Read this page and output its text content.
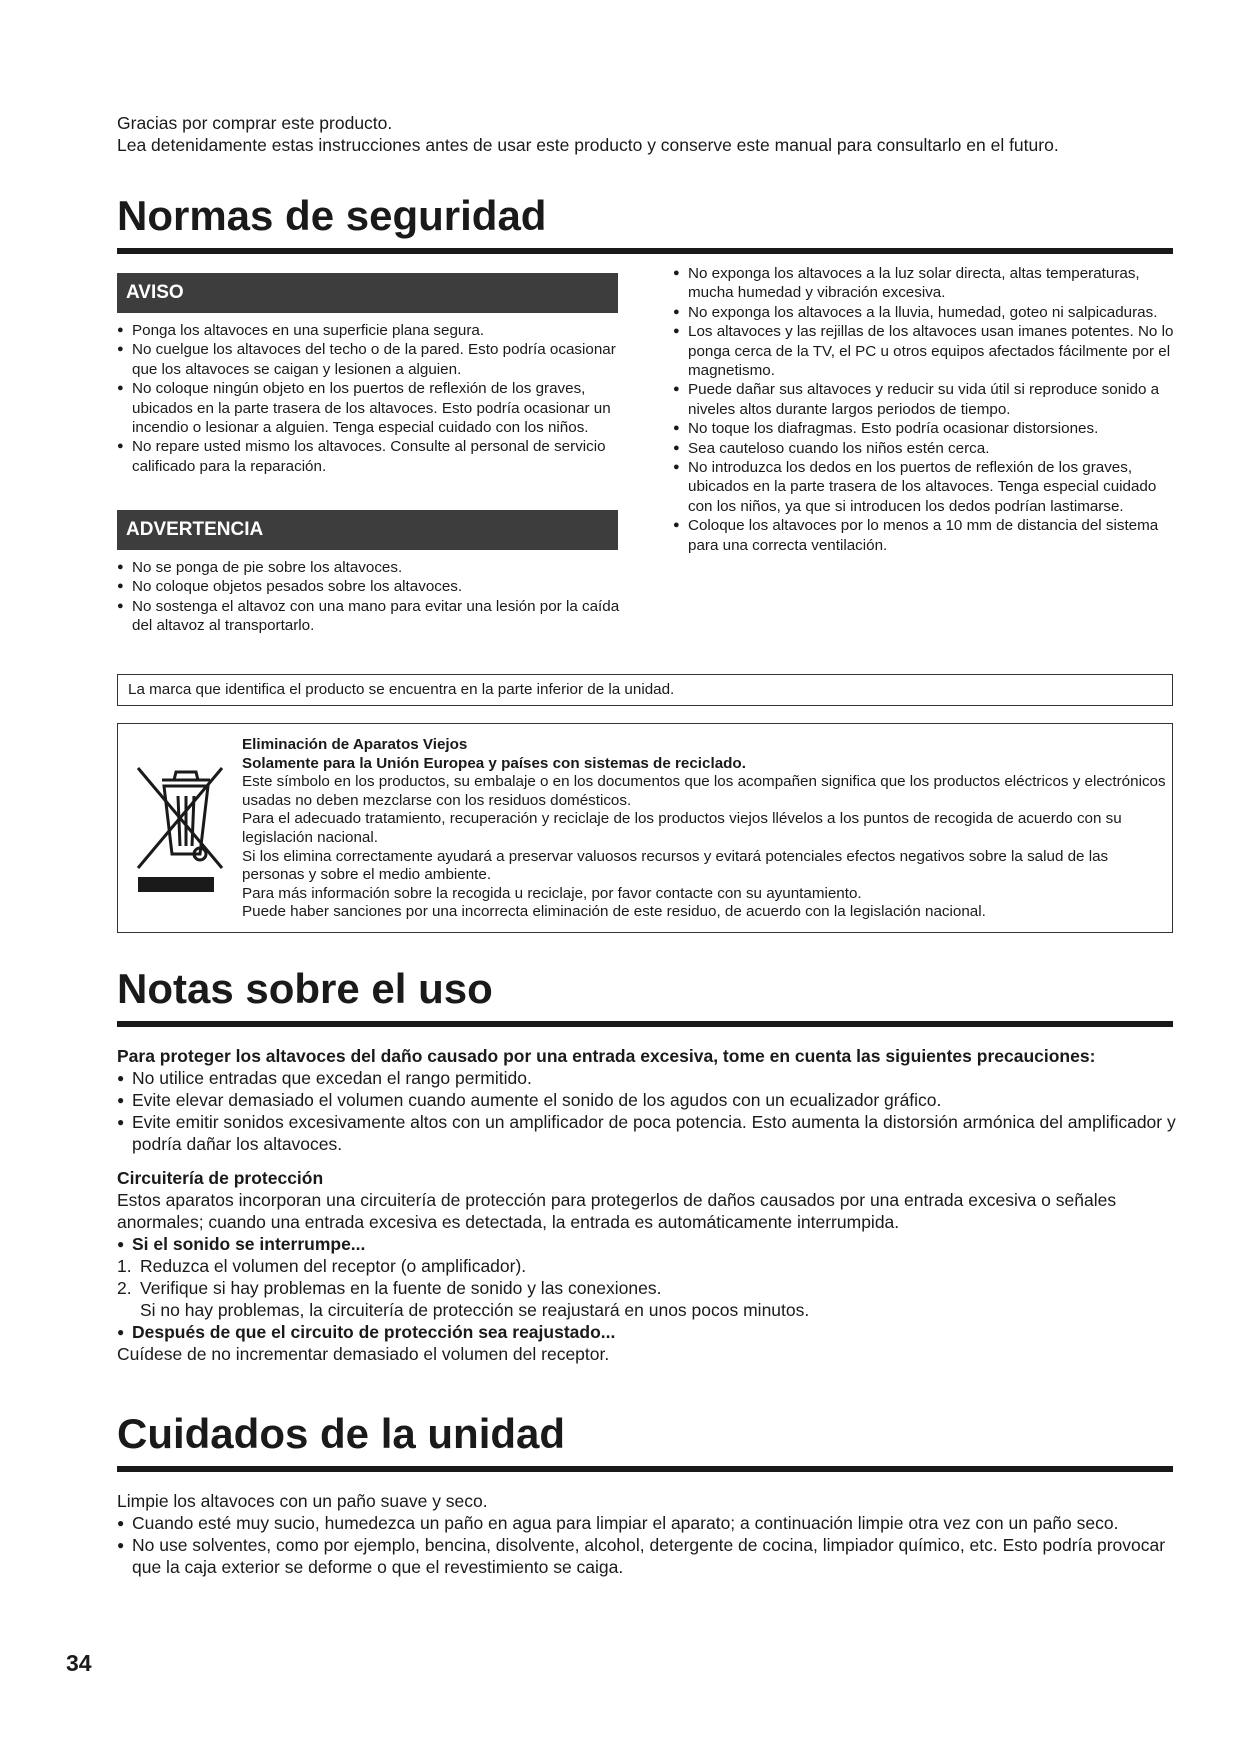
Gracias por comprar este producto.
Lea detenidamente estas instrucciones antes de usar este producto y conserve este manual para consultarlo en el futuro.
Normas de seguridad
AVISO
● Ponga los altavoces en una superficie plana segura.
● No cuelgue los altavoces del techo o de la pared. Esto podría ocasionar que los altavoces se caigan y lesionen a alguien.
● No coloque ningún objeto en los puertos de reflexión de los graves, ubicados en la parte trasera de los altavoces. Esto podría ocasionar un incendio o lesionar a alguien. Tenga especial cuidado con los niños.
● No repare usted mismo los altavoces. Consulte al personal de servicio calificado para la reparación.
ADVERTENCIA
● No se ponga de pie sobre los altavoces.
● No coloque objetos pesados sobre los altavoces.
● No sostenga el altavoz con una mano para evitar una lesión por la caída del altavoz al transportarlo.
● No exponga los altavoces a la luz solar directa, altas temperaturas, mucha humedad y vibración excesiva.
● No exponga los altavoces a la lluvia, humedad, goteo ni salpicaduras.
● Los altavoces y las rejillas de los altavoces usan imanes potentes. No lo ponga cerca de la TV, el PC u otros equipos afectados fácilmente por el magnetismo.
● Puede dañar sus altavoces y reducir su vida útil si reproduce sonido a niveles altos durante largos periodos de tiempo.
● No toque los diafragmas. Esto podría ocasionar distorsiones.
● Sea cauteloso cuando los niños estén cerca.
● No introduzca los dedos en los puertos de reflexión de los graves, ubicados en la parte trasera de los altavoces. Tenga especial cuidado con los niños, ya que si introducen los dedos podrían lastimarse.
● Coloque los altavoces por lo menos a 10 mm de distancia del sistema para una correcta ventilación.
La marca que identifica el producto se encuentra en la parte inferior de la unidad.
Eliminación de Aparatos Viejos
Solamente para la Unión Europea y países con sistemas de reciclado.
Este símbolo en los productos, su embalaje o en los documentos que los acompañen significa que los productos eléctricos y electrónicos usadas no deben mezclarse con los residuos domésticos.
Para el adecuado tratamiento, recuperación y reciclaje de los productos viejos llévelos a los puntos de recogida de acuerdo con su legislación nacional.
Si los elimina correctamente ayudará a preservar valuosos recursos y evitará potenciales efectos negativos sobre la salud de las personas y sobre el medio ambiente.
Para más información sobre la recogida u reciclaje, por favor contacte con su ayuntamiento.
Puede haber sanciones por una incorrecta eliminación de este residuo, de acuerdo con la legislación nacional.
Notas sobre el uso
Para proteger los altavoces del daño causado por una entrada excesiva, tome en cuenta las siguientes precauciones:
● No utilice entradas que excedan el rango permitido.
● Evite elevar demasiado el volumen cuando aumente el sonido de los agudos con un ecualizador gráfico.
● Evite emitir sonidos excesivamente altos con un amplificador de poca potencia. Esto aumenta la distorsión armónica del amplificador y podría dañar los altavoces.
Circuitería de protección
Estos aparatos incorporan una circuitería de protección para protegerlos de daños causados por una entrada excesiva o señales anormales; cuando una entrada excesiva es detectada, la entrada es automáticamente interrumpida.
● Si el sonido se interrumpe...
1. Reduzca el volumen del receptor (o amplificador).
2. Verifique si hay problemas en la fuente de sonido y las conexiones.
Si no hay problemas, la circuitería de protección se reajustará en unos pocos minutos.
● Después de que el circuito de protección sea reajustado...
Cuídese de no incrementar demasiado el volumen del receptor.
Cuidados de la unidad
Limpie los altavoces con un paño suave y seco.
● Cuando esté muy sucio, humedezca un paño en agua para limpiar el aparato; a continuación limpie otra vez con un paño seco.
● No use solventes, como por ejemplo, bencina, disolvente, alcohol, detergente de cocina, limpiador químico, etc. Esto podría provocar que la caja exterior se deforme o que el revestimiento se caiga.
34
